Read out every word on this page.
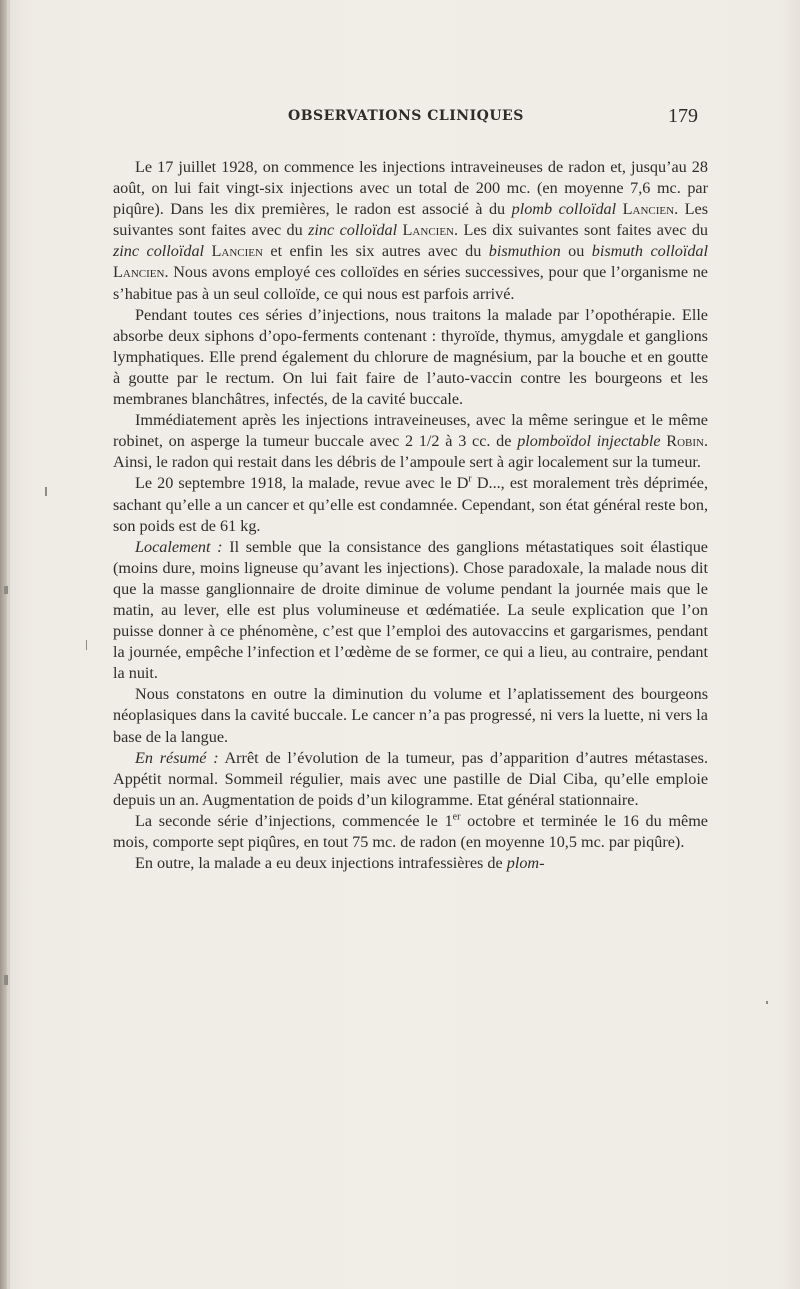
OBSERVATIONS CLINIQUES	179

Le 17 juillet 1928, on commence les injections intraveineuses de radon et, jusqu’au 28 août, on lui fait vingt-six injections avec un total de 200 mc. (en moyenne 7,6 mc. par piqûre). Dans les dix premières, le radon est associé à du plomb colloïdal Lancien. Les suivantes sont faites avec du zinc colloïdal Lancien. Les dix suivantes sont faites avec du zinc colloïdal Lancien et enfin les six autres avec du bismuthion ou bismuth colloïdal Lancien. Nous avons employé ces colloïdes en séries successives, pour que l’organisme ne s’habitue pas à un seul colloïde, ce qui nous est parfois arrivé.

Pendant toutes ces séries d’injections, nous traitons la malade par l’opothérapie. Elle absorbe deux siphons d’opo-ferments contenant : thyroïde, thymus, amygdale et ganglions lymphatiques. Elle prend également du chlorure de magnésium, par la bouche et en goutte à goutte par le rectum. On lui fait faire de l’auto-vaccin contre les bourgeons et les membranes blanchâtres, infectés, de la cavité buccale.

Immédiatement après les injections intraveineuses, avec la même seringue et le même robinet, on asperge la tumeur buccale avec 2 1/2 à 3 cc. de plomboïdol injectable Robin. Ainsi, le radon qui restait dans les débris de l’ampoule sert à agir localement sur la tumeur.

Le 20 septembre 1918, la malade, revue avec le $D^r$ D..., est moralement très déprimée, sachant qu’elle a un cancer et qu’elle est condamnée. Cependant, son état général reste bon, son poids est de 61 kg.

Localement : Il semble que la consistance des ganglions métastatiques soit élastique (moins dure, moins ligneuse qu’avant les injections). Chose paradoxale, la malade nous dit que la masse ganglionnaire de droite diminue de volume pendant la journée mais que le matin, au lever, elle est plus volumineuse et œdématiée. La seule explication que l’on puisse donner à ce phénomène, c’est que l’emploi des autovaccins et gargarismes, pendant la journée, empêche l’infection et l’œdème de se former, ce qui a lieu, au contraire, pendant la nuit.

Nous constatons en outre la diminution du volume et l’aplatissement des bourgeons néoplasiques dans la cavité buccale. Le cancer n’a pas progressé, ni vers la luette, ni vers la base de la langue.

En résumé : Arrêt de l’évolution de la tumeur, pas d’apparition d’autres métastases. Appétit normal. Sommeil régulier, mais avec une pastille de Dial Ciba, qu’elle emploie depuis un an. Augmentation de poids d’un kilogramme. Etat général stationnaire.

La seconde série d’injections, commencée le 1er octobre et terminée le 16 du même mois, comporte sept piqûres, en tout 75 mc. de radon (en moyenne 10,5 mc. par piqûre).

En outre, la malade a eu deux injections intrafessières de plom-
